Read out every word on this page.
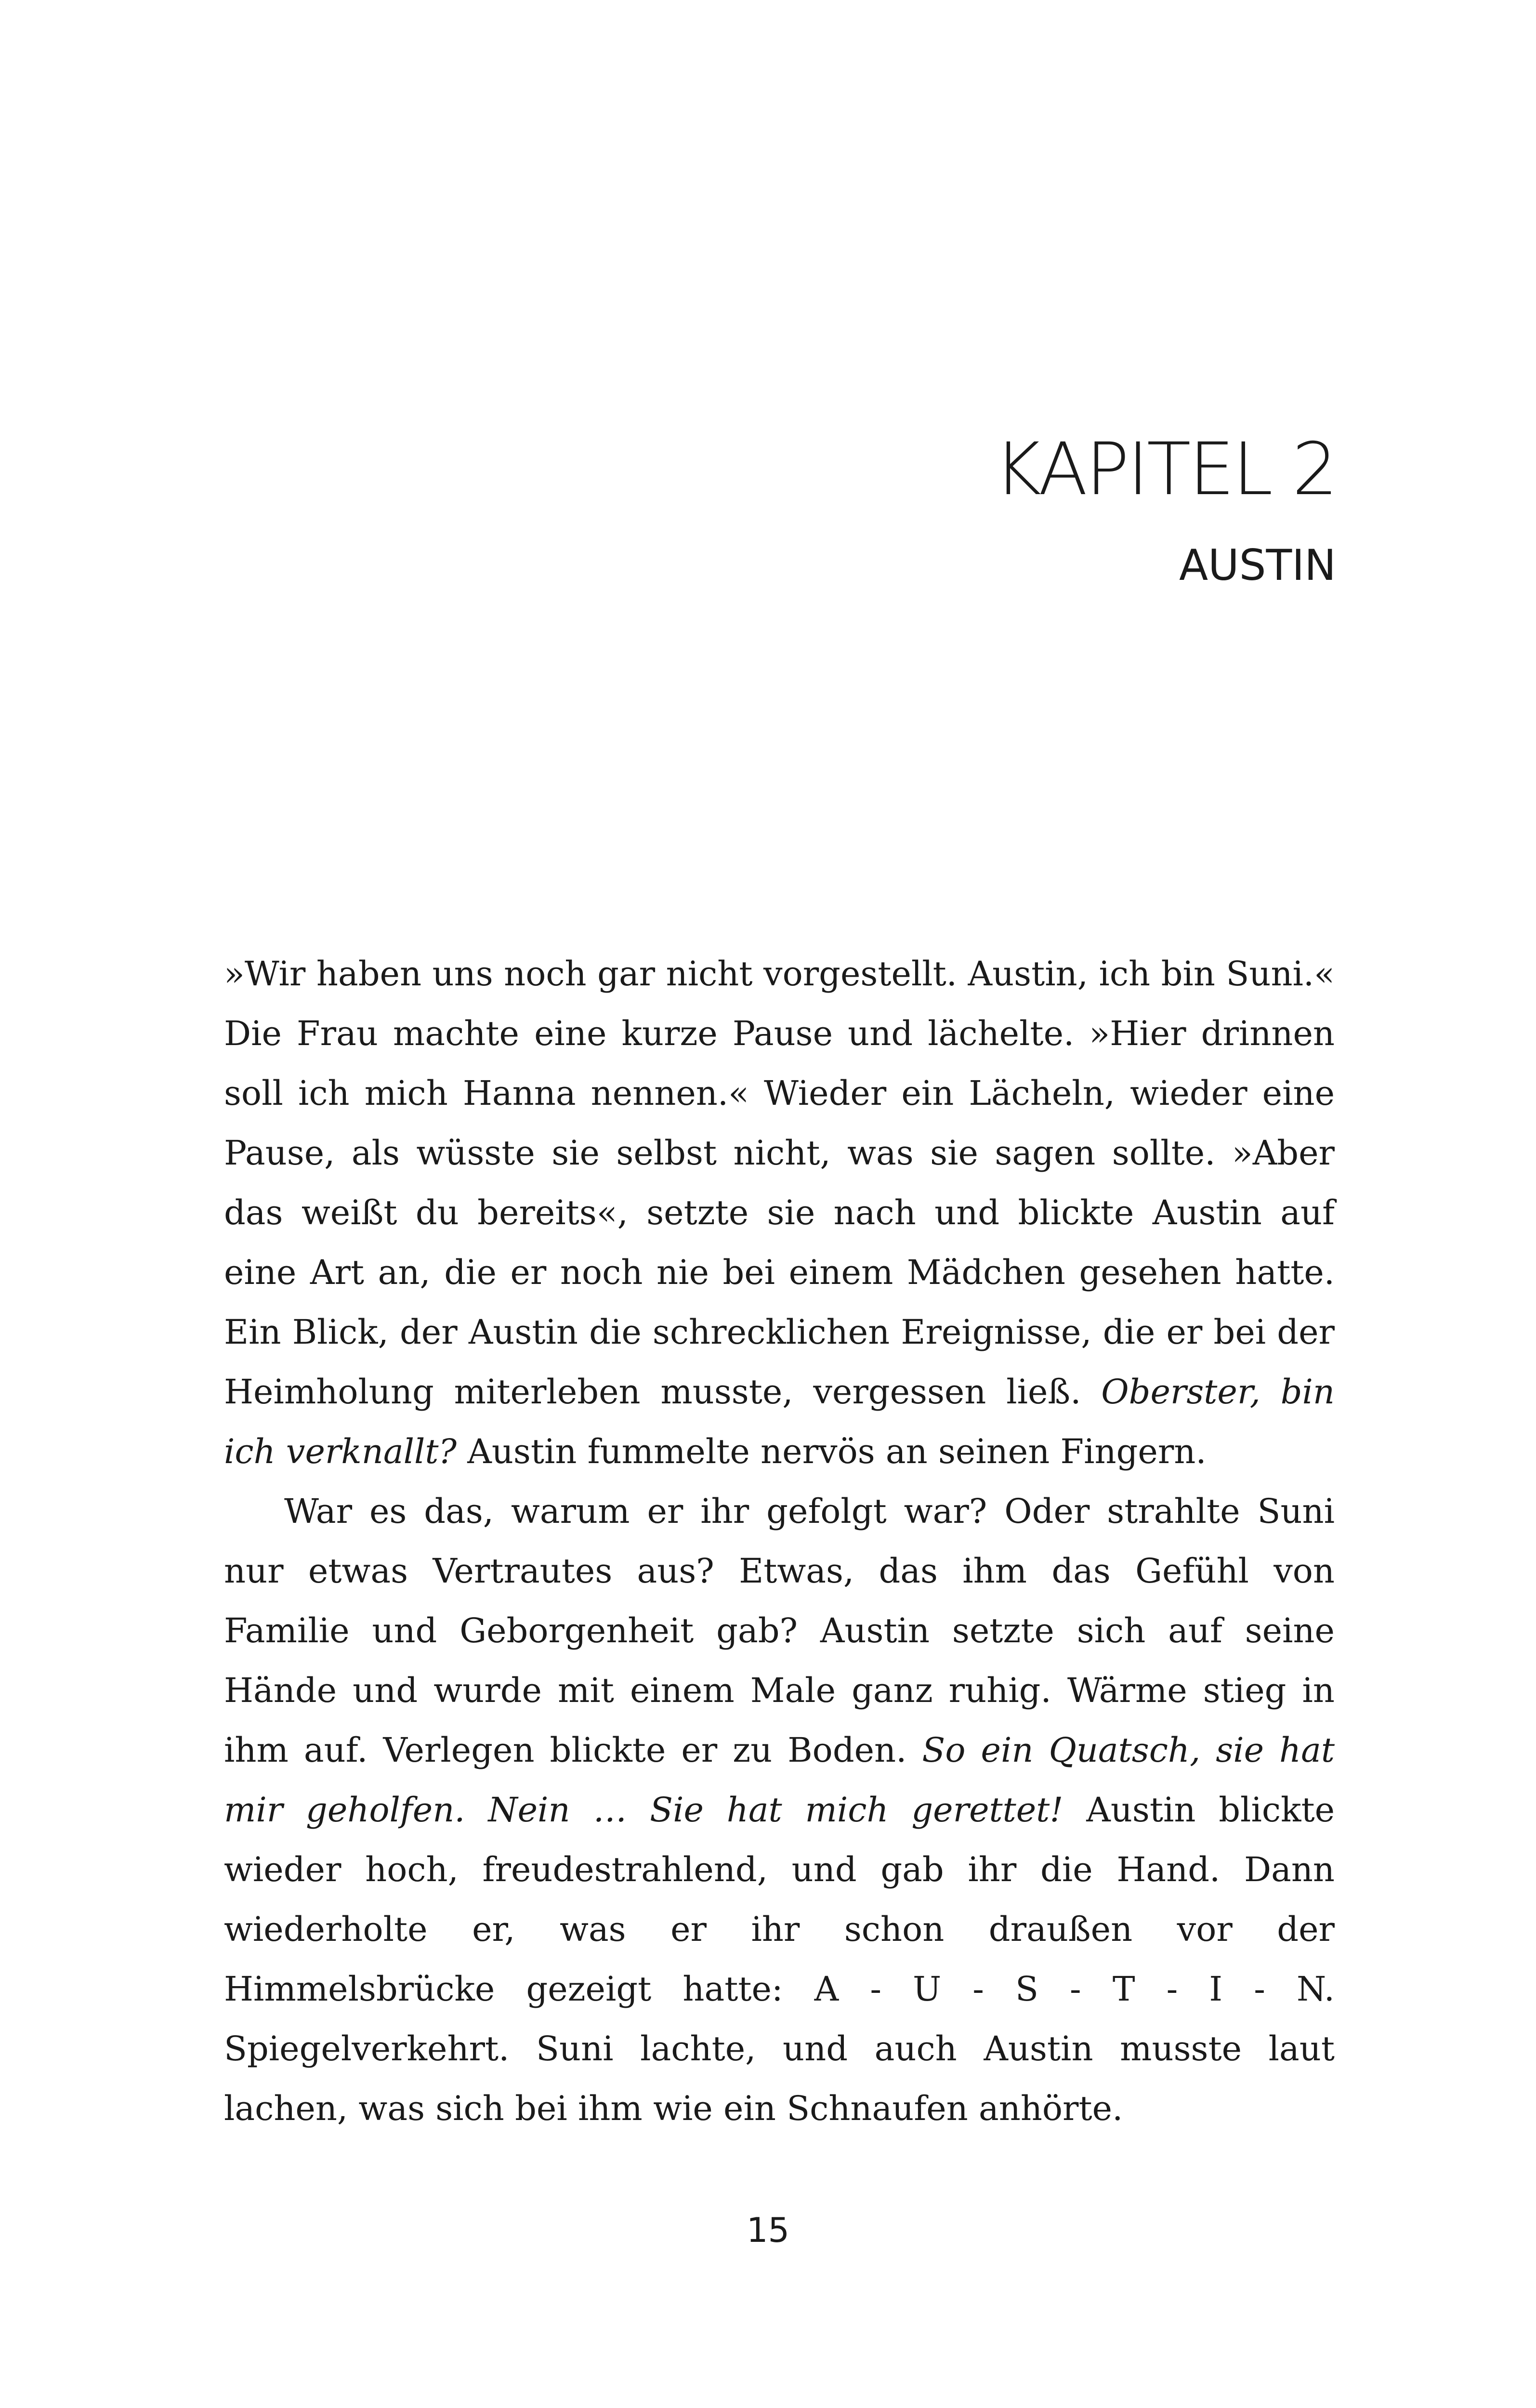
KAPITEL 2
AUSTIN

»Wir haben uns noch gar nicht vorgestellt. Austin, ich bin Suni.« Die Frau machte eine kurze Pause und lächelte. »Hier drinnen soll ich mich Hanna nennen.« Wieder ein Lächeln, wieder eine Pause, als wüsste sie selbst nicht, was sie sagen sollte. »Aber das weißt du bereits«, setzte sie nach und blickte Austin auf eine Art an, die er noch nie bei einem Mädchen gesehen hatte. Ein Blick, der Austin die schrecklichen Ereignisse, die er bei der Heimholung miterleben musste, vergessen ließ. Oberster, bin ich verknallt? Austin fummelte nervös an seinen Fingern.

War es das, warum er ihr gefolgt war? Oder strahlte Suni nur etwas Vertrautes aus? Etwas, das ihm das Gefühl von Familie und Geborgenheit gab? Austin setzte sich auf seine Hände und wurde mit einem Male ganz ruhig. Wärme stieg in ihm auf. Verlegen blickte er zu Boden. So ein Quatsch, sie hat mir geholfen. Nein … Sie hat mich gerettet! Austin blickte wieder hoch, freudestrahlend, und gab ihr die Hand. Dann wiederholte er, was er ihr schon draußen vor der Himmelsbrücke gezeigt hatte: A - U - S - T - I - N. Spiegelverkehrt. Suni lachte, und auch Austin musste laut lachen, was sich bei ihm wie ein Schnaufen anhörte.

15
